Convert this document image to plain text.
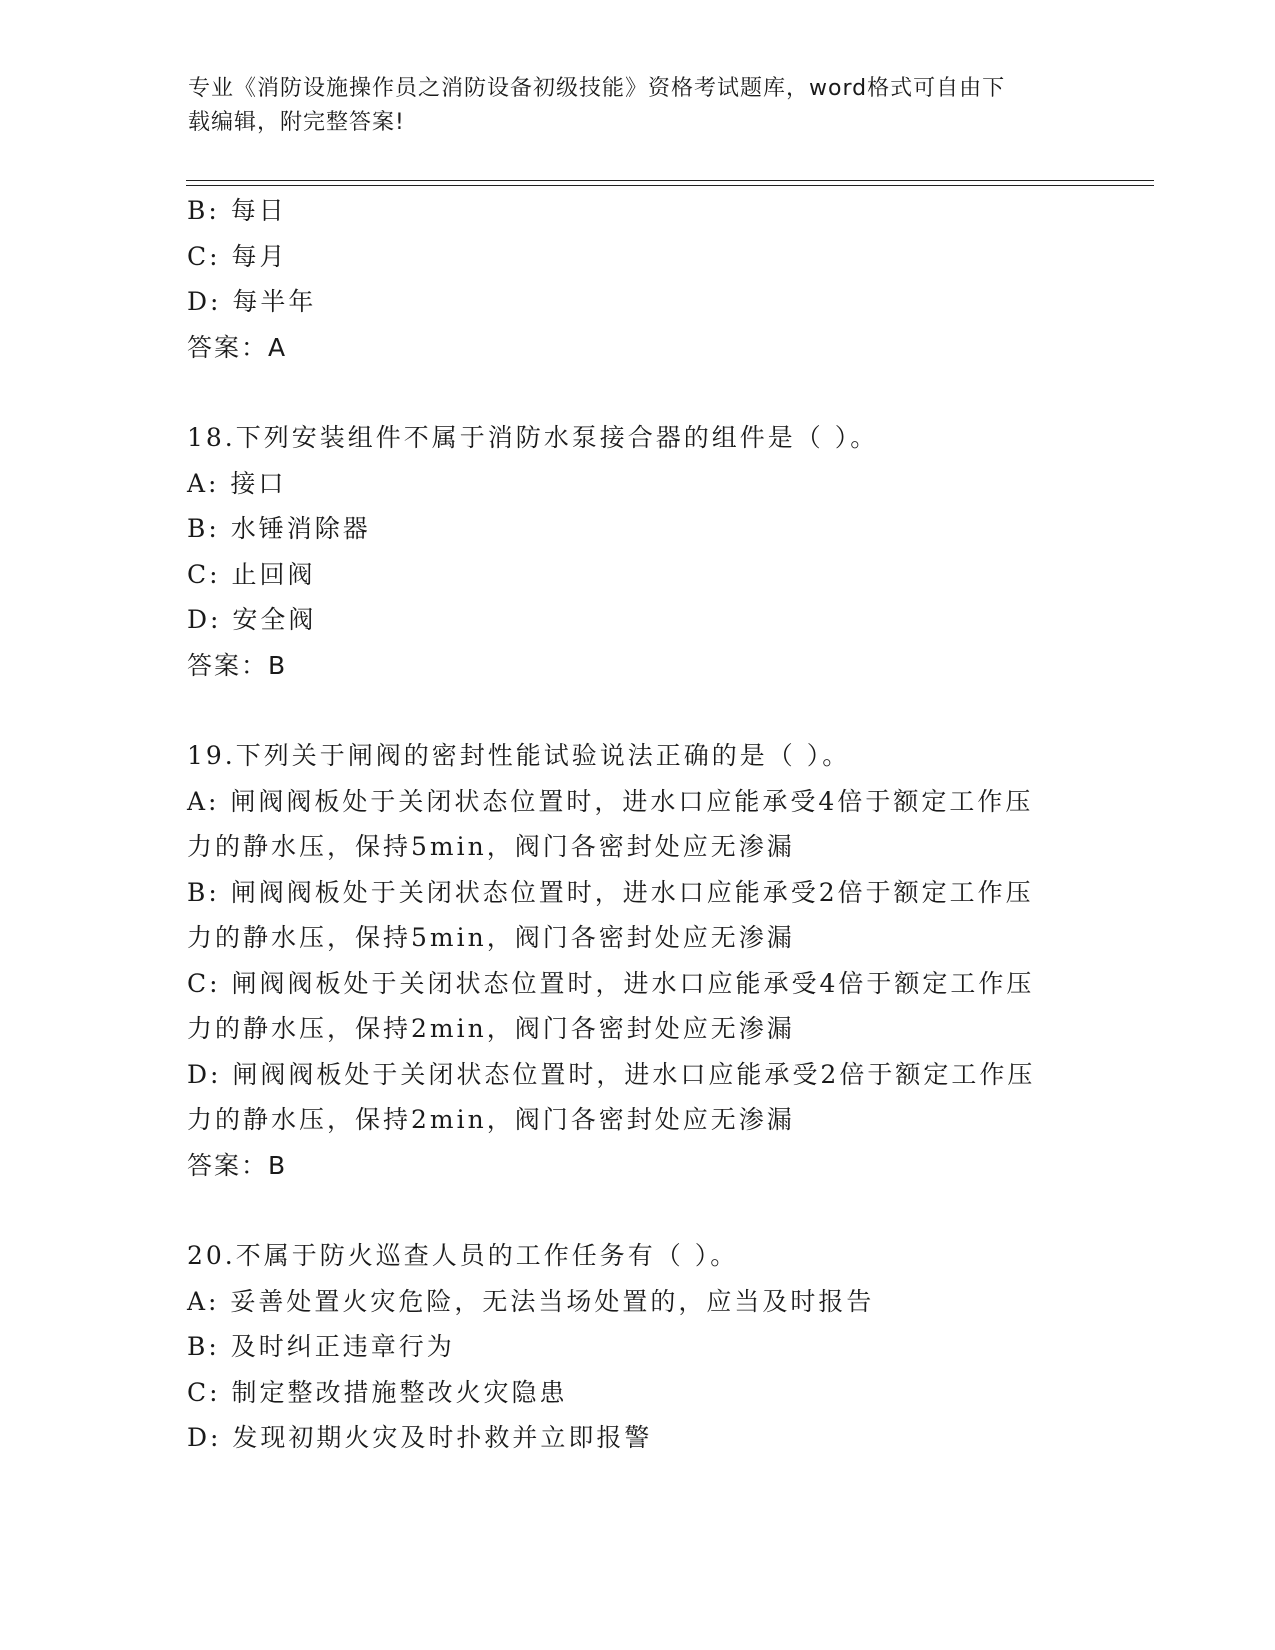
专业《消防设施操作员之消防设备初级技能》资格考试题库，word格式可自由下
载编辑，附完整答案!
B: 每日
C: 每月
D: 每半年
答案：A
18.下列安装组件不属于消防水泵接合器的组件是（ ）。
A: 接口
B: 水锤消除器
C: 止回阀
D: 安全阀
答案：B
19.下列关于闸阀的密封性能试验说法正确的是（ ）。
A: 闸阀阀板处于关闭状态位置时，进水口应能承受4倍于额定工作压
力的静水压，保持5min，阀门各密封处应无渗漏
B: 闸阀阀板处于关闭状态位置时，进水口应能承受2倍于额定工作压
力的静水压，保持5min，阀门各密封处应无渗漏
C: 闸阀阀板处于关闭状态位置时，进水口应能承受4倍于额定工作压
力的静水压，保持2min，阀门各密封处应无渗漏
D: 闸阀阀板处于关闭状态位置时，进水口应能承受2倍于额定工作压
力的静水压，保持2min，阀门各密封处应无渗漏
答案：B
20.不属于防火巡查人员的工作任务有（ ）。
A: 妥善处置火灾危险，无法当场处置的，应当及时报告
B: 及时纠正违章行为
C: 制定整改措施整改火灾隐患
D: 发现初期火灾及时扑救并立即报警
